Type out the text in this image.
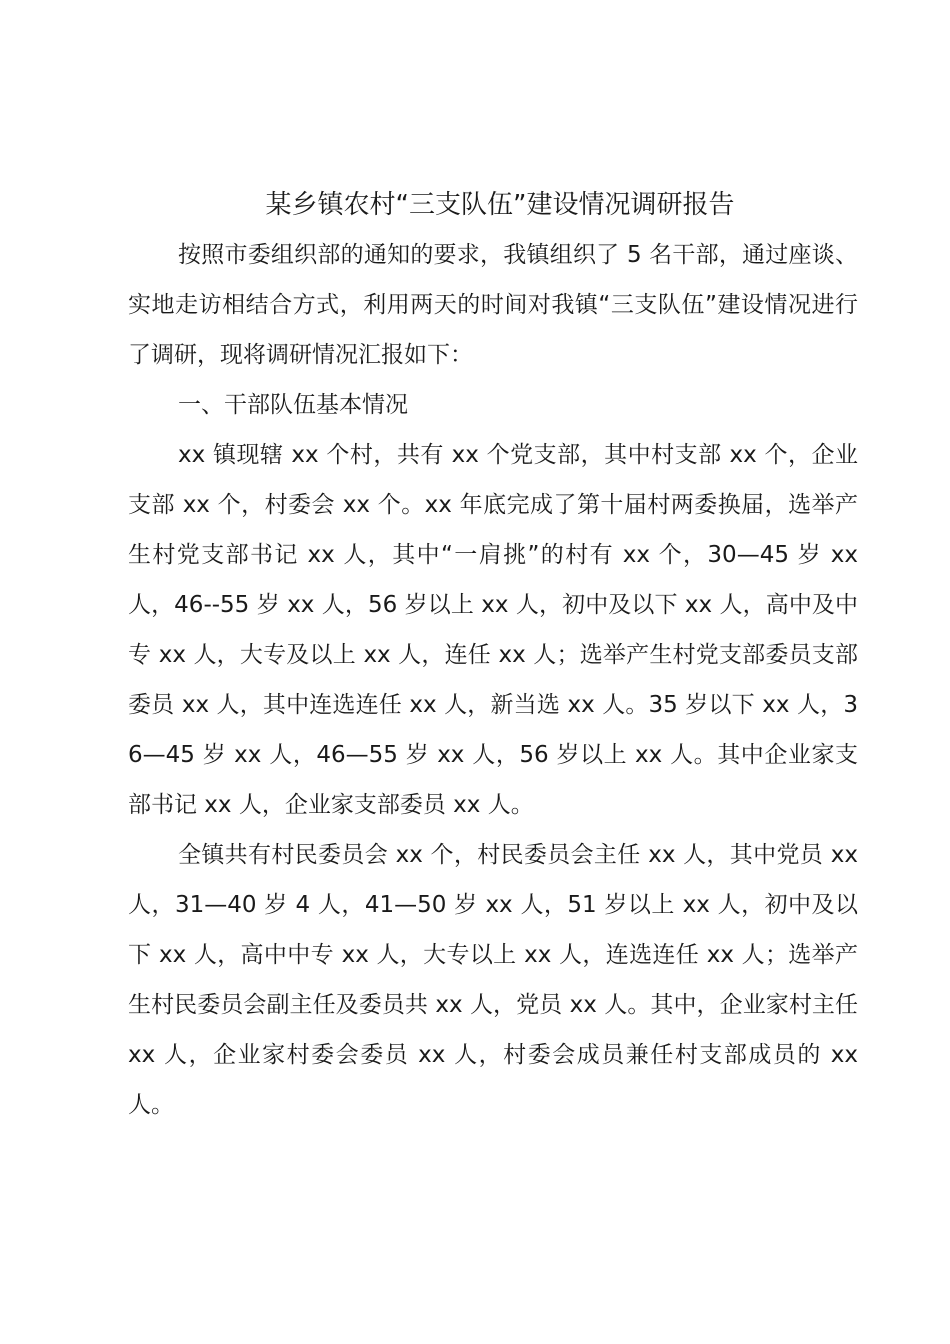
某乡镇农村“三支队伍”建设情况调研报告

按照市委组织部的通知的要求，我镇组织了 5 名干部，通过座谈、实地走访相结合方式，利用两天的时间对我镇“三支队伍”建设情况进行了调研，现将调研情况汇报如下：

一、干部队伍基本情况

xx 镇现辖 xx 个村，共有 xx 个党支部，其中村支部 xx 个，企业支部 xx 个，村委会 xx 个。xx 年底完成了第十届村两委换届，选举产生村党支部书记 xx 人，其中“一肩挑”的村有 xx 个，30—45 岁 xx 人，46--55 岁 xx 人，56 岁以上 xx 人，初中及以下 xx 人，高中及中专 xx 人，大专及以上 xx 人，连任 xx 人；选举产生村党支部委员支部委员 xx 人，其中连选连任 xx 人，新当选 xx 人。35 岁以下 xx 人，36—45 岁 xx 人，46—55 岁 xx 人，56 岁以上 xx 人。其中企业家支部书记 xx 人，企业家支部委员 xx 人。

全镇共有村民委员会 xx 个，村民委员会主任 xx 人，其中党员 xx 人，31—40 岁 4 人，41—50 岁 xx 人，51 岁以上 xx 人，初中及以下 xx 人，高中中专 xx 人，大专以上 xx 人，连选连任 xx 人；选举产生村民委员会副主任及委员共 xx 人，党员 xx 人。其中，企业家村主任 xx 人，企业家村委会委员 xx 人，村委会成员兼任村支部成员的 xx 人。
